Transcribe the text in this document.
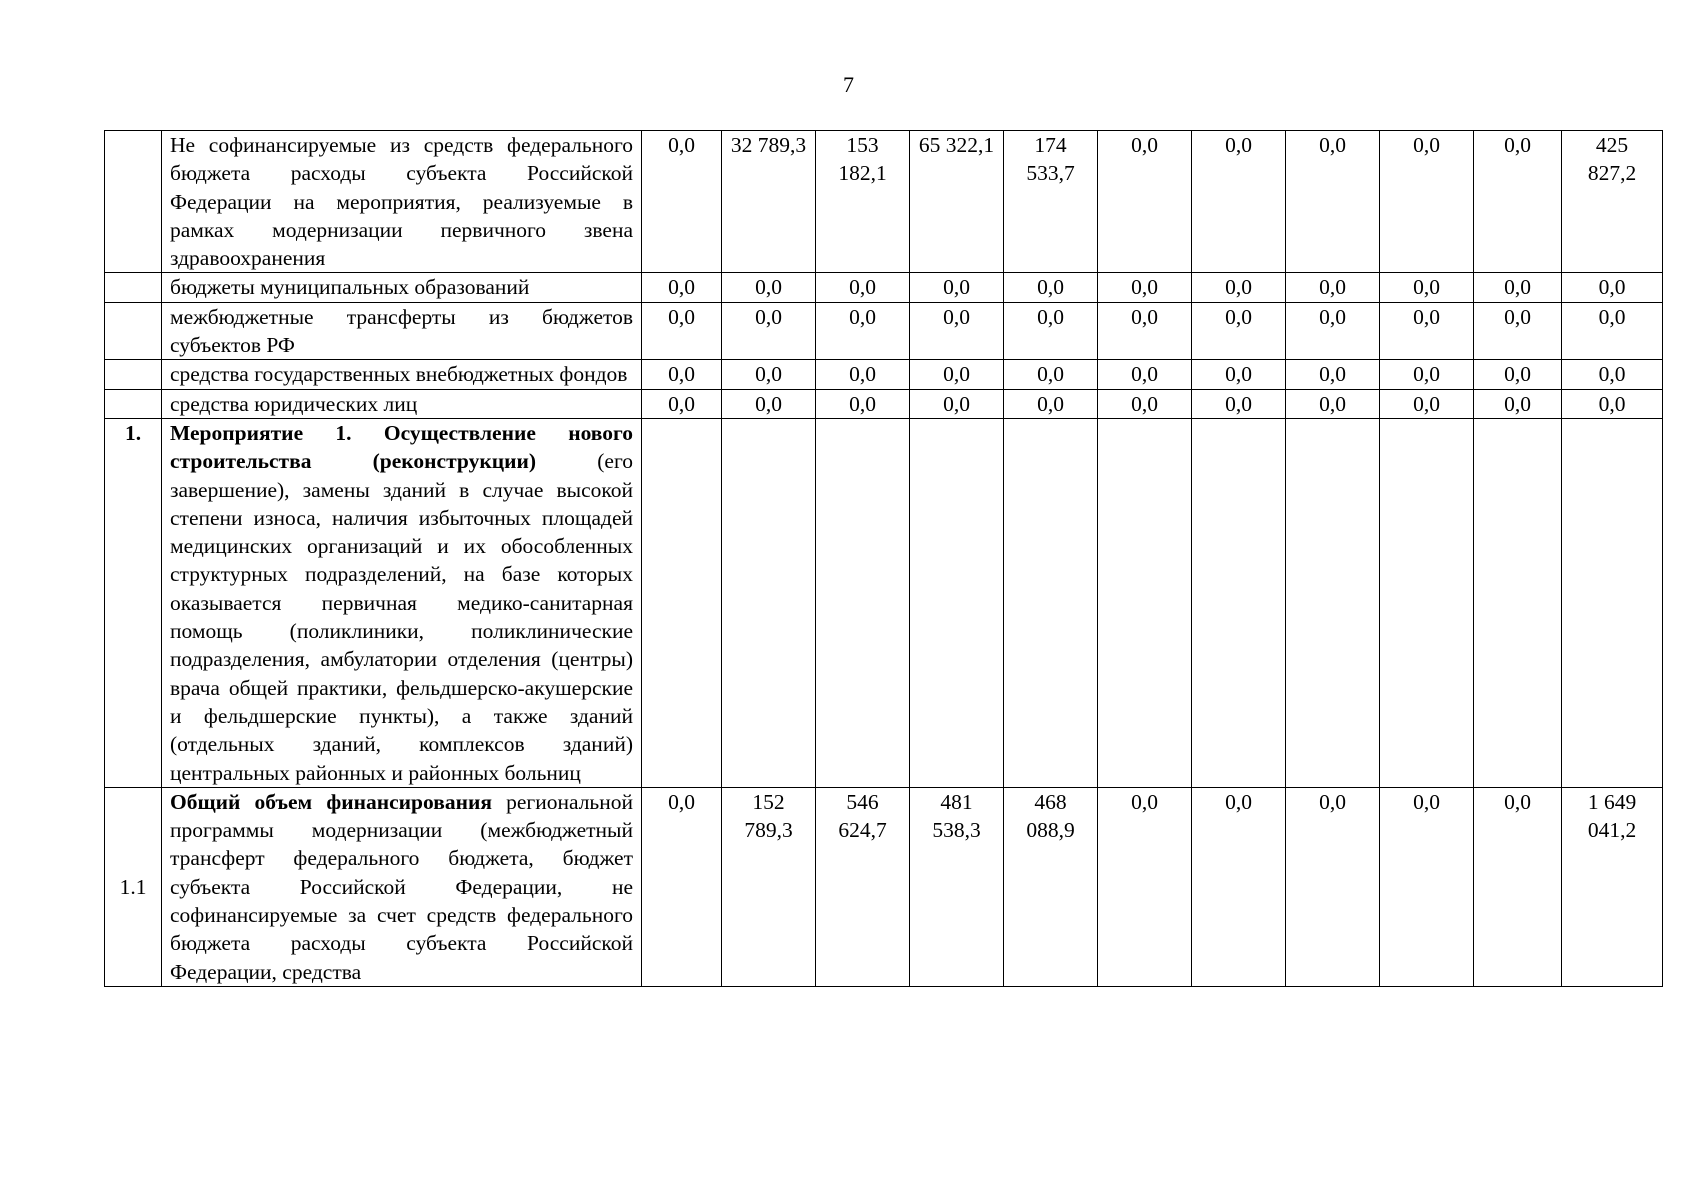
7
	Не софинансируемые из средств федерального бюджета расходы субъекта Российской Федерации на мероприятия, реализуемые в рамках модернизации первичного звена здравоохранения	0,0	32 789,3	153 182,1	65 322,1	174 533,7	0,0	0,0	0,0	0,0	0,0	425 827,2
	бюджеты муниципальных образований	0,0	0,0	0,0	0,0	0,0	0,0	0,0	0,0	0,0	0,0	0,0
	межбюджетные трансферты из бюджетов субъектов РФ	0,0	0,0	0,0	0,0	0,0	0,0	0,0	0,0	0,0	0,0	0,0
	средства государственных внебюджетных фондов	0,0	0,0	0,0	0,0	0,0	0,0	0,0	0,0	0,0	0,0	0,0
	средства юридических лиц	0,0	0,0	0,0	0,0	0,0	0,0	0,0	0,0	0,0	0,0	0,0
1.	Мероприятие 1. Осуществление нового строительства (реконструкции) (его завершение), замены зданий в случае высокой степени износа, наличия избыточных площадей медицинских организаций и их обособленных структурных подразделений, на базе которых оказывается первичная медико-санитарная помощь (поликлиники, поликлинические подразделения, амбулатории отделения (центры) врача общей практики, фельдшерско-акушерские и фельдшерские пункты), а также зданий (отдельных зданий, комплексов зданий) центральных районных и районных больниц											
1.1	Общий объем финансирования региональной программы модернизации (межбюджетный трансферт федерального бюджета, бюджет субъекта Российской Федерации, не софинансируемые за счет средств федерального бюджета расходы субъекта Российской Федерации, средства	0,0	152 789,3	546 624,7	481 538,3	468 088,9	0,0	0,0	0,0	0,0	0,0	1 649 041,2
